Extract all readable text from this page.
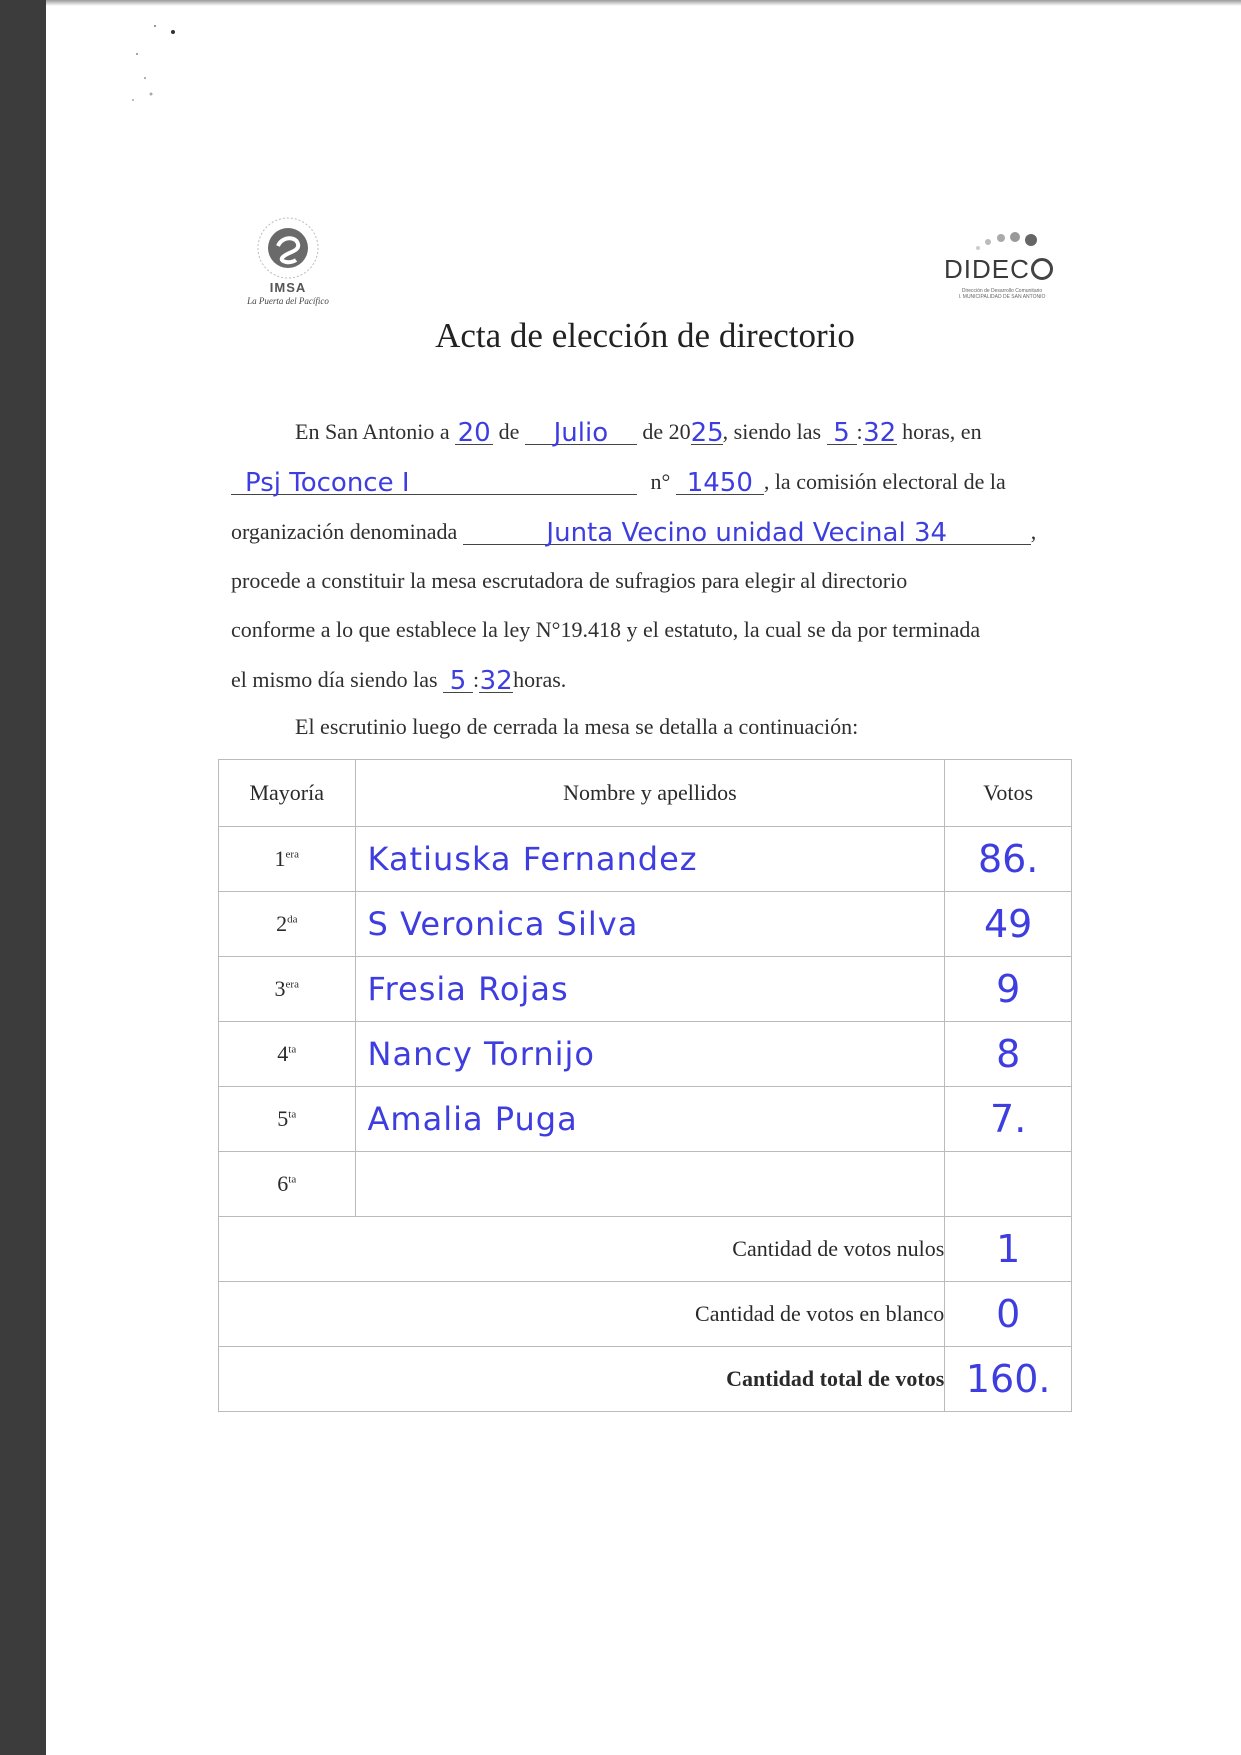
IMSA
La Puerta del Pacífico
DIDEC
Dirección de Desarrollo Comunitario
I. MUNICIPALIDAD DE SAN ANTONIO
Acta de elección de directorio
En San Antonio a 20 de Julio de 2025, siendo las 5 :32 horas, en
Psj Toconce I	n° 1450 , la comisión electoral de la
organización denominada	Junta Vecino unidad Vecinal 34	,
procede a constituir la mesa escrutadora de sufragios para elegir al directorio
conforme a lo que establece la ley N°19.418 y el estatuto, la cual se da por terminada
el mismo día siendo las 5 :32horas.
El escrutinio luego de cerrada la mesa se detalla a continuación:
Mayoría	Nombre y apellidos	Votos
$1^{era}$	Katiuska Fernandez	86.
$2^{da}$	S Veronica Silva	49
$3^{era}$	Fresia Rojas	9
$4^{ta}$	Nancy Tornijo	8
$5^{ta}$	Amalia Puga	7.
$6^{ta}$		
Cantidad de votos nulos		1
Cantidad de votos en blanco		0
Cantidad total de votos		160.
